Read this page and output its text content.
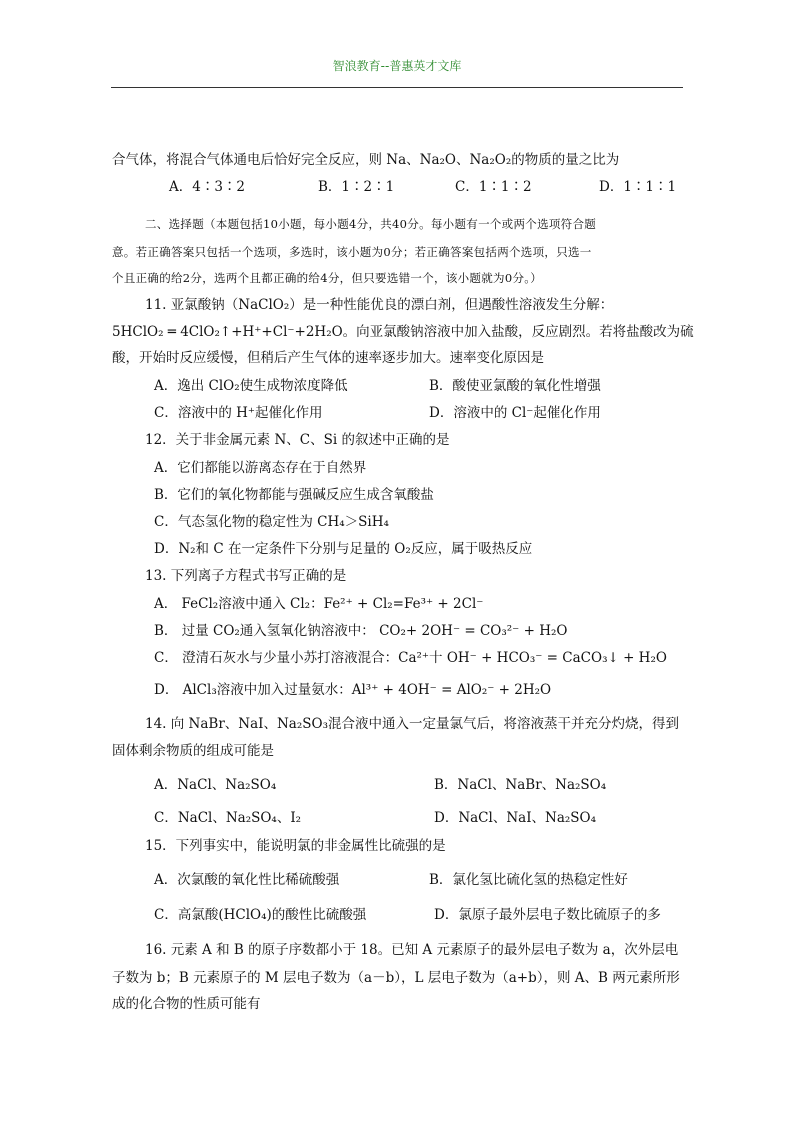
智浪教育--普惠英才文库
合气体，将混合气体通电后恰好完全反应，则 Na、Na₂O、Na₂O₂的物质的量之比为
A．4∶3∶2	B．1∶2∶1	C．1∶1∶2	D．1∶1∶1
二、选择题（本题包括10小题，每小题4分，共40分。每小题有一个或两个选项符合题
意。若正确答案只包括一个选项，多选时，该小题为0分；若正确答案包括两个选项，只选一
个且正确的给2分，选两个且都正确的给4分，但只要选错一个，该小题就为0分。）
11. 亚氯酸钠（NaClO₂）是一种性能优良的漂白剂，但遇酸性溶液发生分解：
5HClO₂ ═ 4ClO₂↑+H⁺+Cl⁻+2H₂O。向亚氯酸钠溶液中加入盐酸，反应剧烈。若将盐酸改为硫
酸，开始时反应缓慢，但稍后产生气体的速率逐步加大。速率变化原因是
A．逸出 ClO₂使生成物浓度降低	B．酸使亚氯酸的氧化性增强
C．溶液中的 H⁺起催化作用	D．溶液中的 Cl⁻起催化作用
12．关于非金属元素 N、C、Si 的叙述中正确的是
A．它们都能以游离态存在于自然界
B．它们的氧化物都能与强碱反应生成含氧酸盐
C．气态氢化物的稳定性为 CH₄＞SiH₄
D．N₂和 C 在一定条件下分别与足量的 O₂反应，属于吸热反应
13. 下列离子方程式书写正确的是
A． FeCl₂溶液中通入 Cl₂：Fe²⁺ + Cl₂=Fe³⁺ + 2Cl⁻
B． 过量 CO₂通入氢氧化钠溶液中： CO₂+ 2OH⁻ = CO₃²⁻ + H₂O
C． 澄清石灰水与少量小苏打溶液混合：Ca²⁺十 OH⁻ + HCO₃⁻ = CaCO₃↓ + H₂O
D． AlCl₃溶液中加入过量氨水：Al³⁺ + 4OH⁻ = AlO₂⁻ + 2H₂O
14. 向 NaBr、NaI、Na₂SO₃混合液中通入一定量氯气后，将溶液蒸干并充分灼烧，得到
固体剩余物质的组成可能是
A．NaCl、Na₂SO₄	B．NaCl、NaBr、Na₂SO₄
C．NaCl、Na₂SO₄、I₂	D．NaCl、NaI、Na₂SO₄
15．下列事实中，能说明氯的非金属性比硫强的是
A．次氯酸的氧化性比稀硫酸强	B．氯化氢比硫化氢的热稳定性好
C．高氯酸(HClO₄)的酸性比硫酸强	D．氯原子最外层电子数比硫原子的多
16. 元素 A 和 B 的原子序数都小于 18。已知 A 元素原子的最外层电子数为 a，次外层电
子数为 b；B 元素原子的 M 层电子数为（a－b），L 层电子数为（a+b），则 A、B 两元素所形
成的化合物的性质可能有
